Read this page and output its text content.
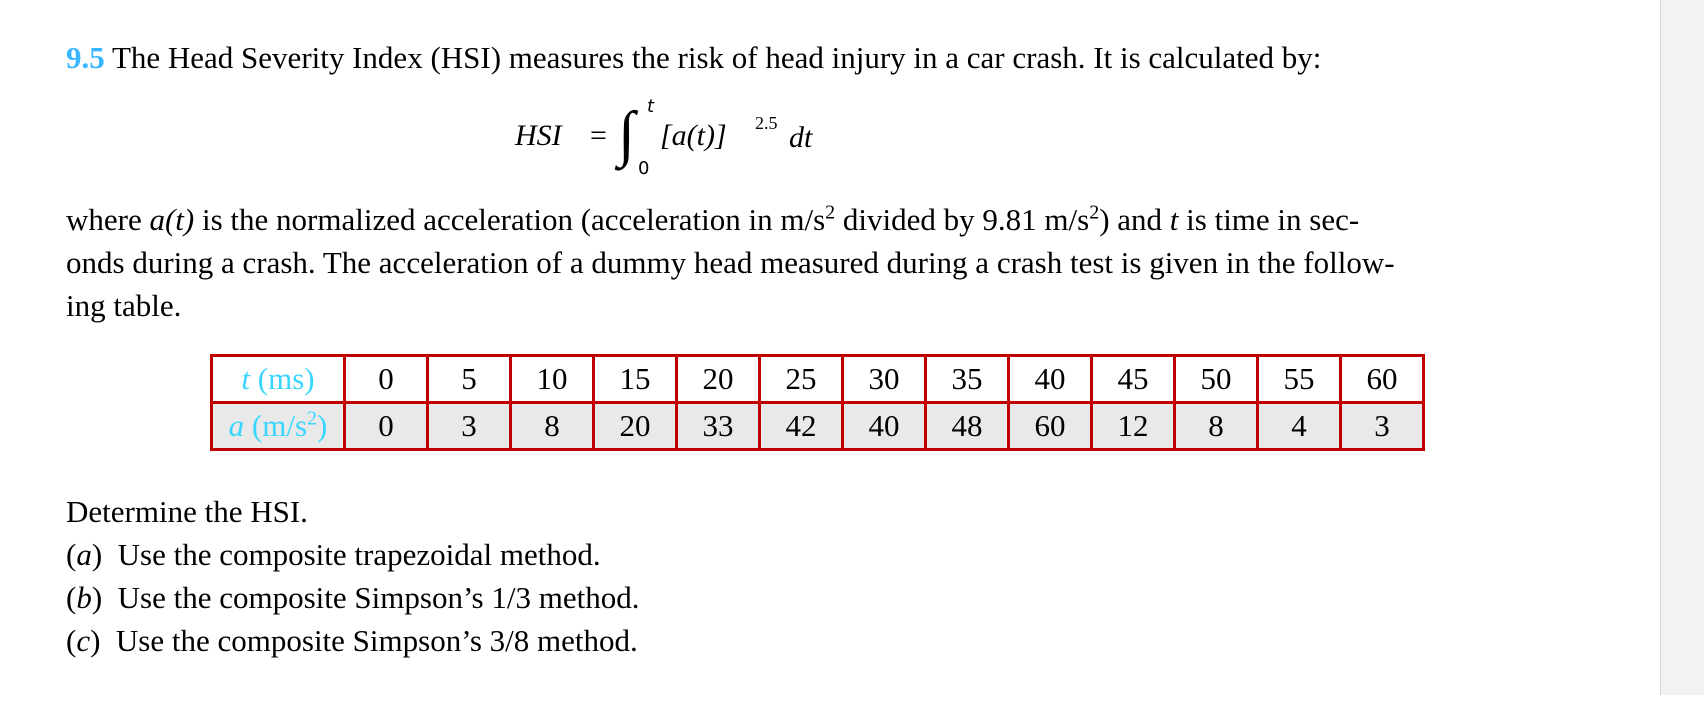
9.5 The Head Severity Index (HSI) measures the risk of head injury in a car crash. It is calculated by:
HSI = ∫ t
0
[a(t)] 2.5 dt
where a(t) is the normalized acceleration (acceleration in $m/s^2$ divided by 9.81 $m/s^2$) and t is time in sec-
onds during a crash. The acceleration of a dummy head measured during a crash test is given in the follow-
ing table.
t (ms)	0	5	10	15	20	25	30	35	40	45	50	55	60
a $(m/s^2)$	0	3	8	20	33	42	40	48	60	12	8	4	3
Determine the HSI.
(a)  Use the composite trapezoidal method.
(b)  Use the composite Simpson’s 1/3 method.
(c)  Use the composite Simpson’s 3/8 method.
